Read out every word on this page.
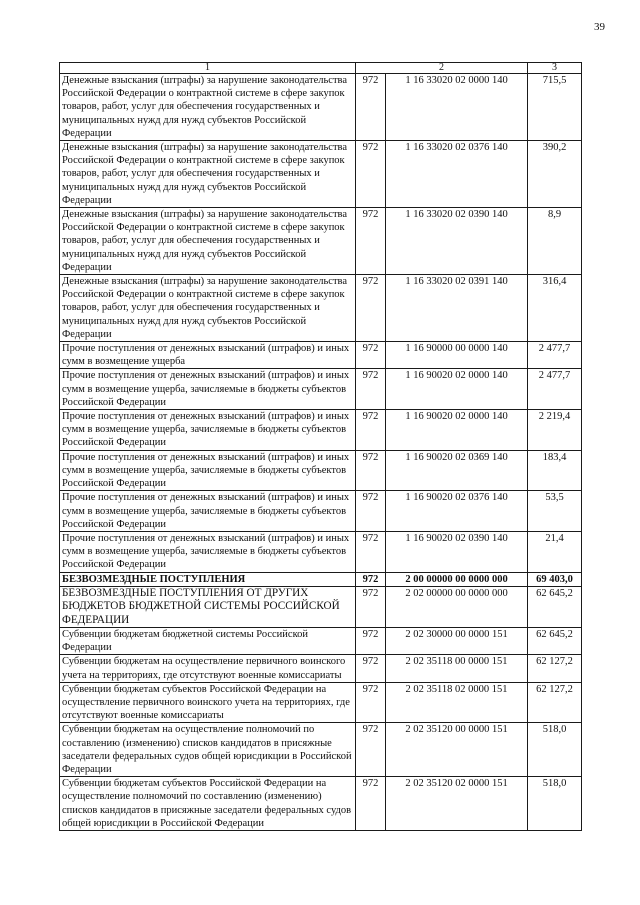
39
1	2		3
Денежные взыскания (штрафы) за нарушение законодательства Российской Федерации о контрактной системе в сфере закупок товаров, работ, услуг для обеспечения государственных и муниципальных нужд для нужд субъектов Российской Федерации	972	1 16 33020 02 0000 140	715,5
Денежные взыскания (штрафы) за нарушение законодательства Российской Федерации о контрактной системе в сфере закупок товаров, работ, услуг для обеспечения государственных и муниципальных нужд для нужд субъектов Российской Федерации	972	1 16 33020 02 0376 140	390,2
Денежные взыскания (штрафы) за нарушение законодательства Российской Федерации о контрактной системе в сфере закупок товаров, работ, услуг для обеспечения государственных и муниципальных нужд для нужд субъектов Российской Федерации	972	1 16 33020 02 0390 140	8,9
Денежные взыскания (штрафы) за нарушение законодательства Российской Федерации о контрактной системе в сфере закупок товаров, работ, услуг для обеспечения государственных и муниципальных нужд для нужд субъектов Российской Федерации	972	1 16 33020 02 0391 140	316,4
Прочие поступления от денежных взысканий (штрафов) и иных сумм в возмещение ущерба	972	1 16 90000 00 0000 140	2 477,7
Прочие поступления от денежных взысканий (штрафов) и иных сумм в возмещение ущерба, зачисляемые в бюджеты субъектов Российской Федерации	972	1 16 90020 02 0000 140	2 477,7
Прочие поступления от денежных взысканий (штрафов) и иных сумм в возмещение ущерба, зачисляемые в бюджеты субъектов Российской Федерации	972	1 16 90020 02 0000 140	2 219,4
Прочие поступления от денежных взысканий (штрафов) и иных сумм в возмещение ущерба, зачисляемые в бюджеты субъектов Российской Федерации	972	1 16 90020 02 0369 140	183,4
Прочие поступления от денежных взысканий (штрафов) и иных сумм в возмещение ущерба, зачисляемые в бюджеты субъектов Российской Федерации	972	1 16 90020 02 0376 140	53,5
Прочие поступления от денежных взысканий (штрафов) и иных сумм в возмещение ущерба, зачисляемые в бюджеты субъектов Российской Федерации	972	1 16 90020 02 0390 140	21,4
БЕЗВОЗМЕЗДНЫЕ ПОСТУПЛЕНИЯ	972	2 00 00000 00 0000 000	69 403,0
БЕЗВОЗМЕЗДНЫЕ ПОСТУПЛЕНИЯ ОТ ДРУГИХ БЮДЖЕТОВ БЮДЖЕТНОЙ СИСТЕМЫ РОССИЙСКОЙ ФЕДЕРАЦИИ	972	2 02 00000 00 0000 000	62 645,2
Субвенции бюджетам бюджетной системы Российской Федерации	972	2 02 30000 00 0000 151	62 645,2
Субвенции бюджетам на осуществление первичного воинского учета на территориях, где отсутствуют военные комиссариаты	972	2 02 35118 00 0000 151	62 127,2
Субвенции бюджетам субъектов Российской Федерации на осуществление первичного воинского учета на территориях, где отсутствуют военные комиссариаты	972	2 02 35118 02 0000 151	62 127,2
Субвенции бюджетам на осуществление полномочий по составлению (изменению) списков кандидатов в присяжные заседатели федеральных судов общей юрисдикции в Российской Федерации	972	2 02 35120 00 0000 151	518,0
Субвенции бюджетам субъектов Российской Федерации на осуществление полномочий по составлению (изменению) списков кандидатов в присяжные заседатели федеральных судов общей юрисдикции в Российской Федерации	972	2 02 35120 02 0000 151	518,0
